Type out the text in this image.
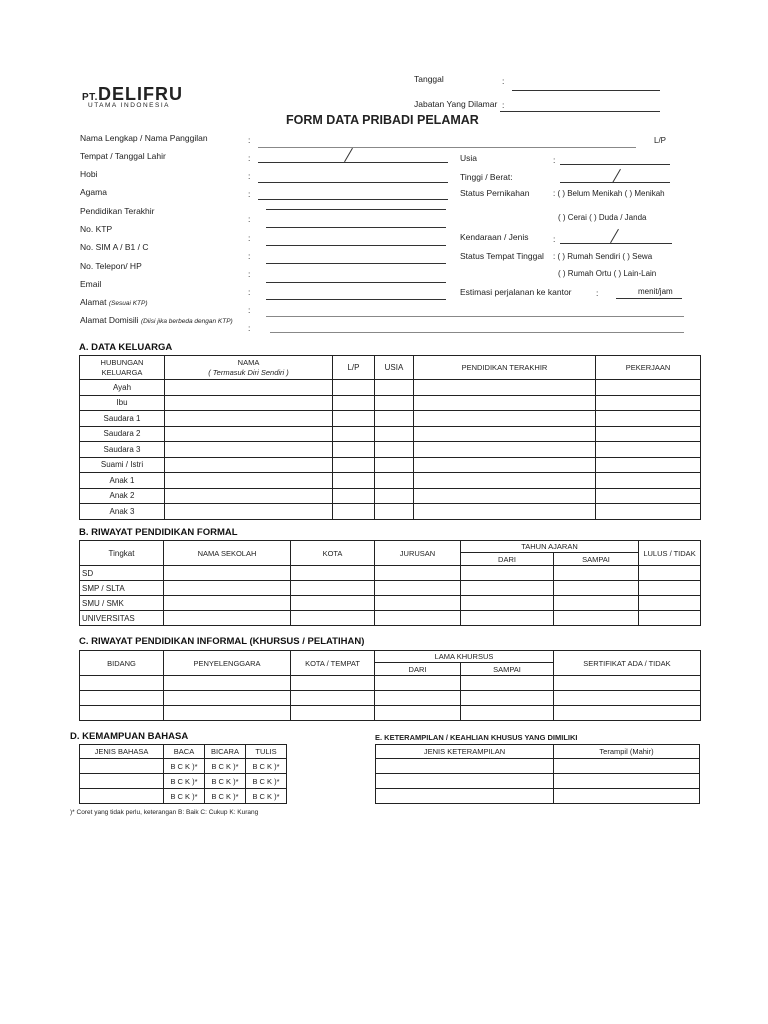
PT.DELIFRU
UTAMA INDONESIA
Tanggal	:
Jabatan Yang Dilamar :
FORM DATA PRIBADI PELAMAR
Nama Lengkap / Nama Panggilan	:	L/P
Tempat / Tanggal Lahir	:
Hobi	:
Agama	:
Pendidikan Terakhir
:
No. KTP
:
No. SIM A / B1 / C
:
No. Telepon/ HP
:
Email
:
Alamat (Sesuai KTP)
:
Alamat Domisili (Diisi jika berbeda dengan KTP)
:
Usia	:
Tinggi / Berat:
Status Pernikahan	: ( ) Belum Menikah ( ) Menikah
( ) Cerai ( ) Duda / Janda
Kendaraan / Jenis	:
Status Tempat Tinggal : ( ) Rumah Sendiri ( ) Sewa
( ) Rumah Ortu ( ) Lain-Lain
Estimasi perjalanan ke kantor	:	menit/jam
A. DATA KELUARGA
HUBUNGAN
KELUARGA	NAMA
( Termasuk Diri Sendiri )	L/P	USIA	PENDIDIKAN TERAKHIR	PEKERJAAN
Ayah					
Ibu					
Saudara 1					
Saudara 2					
Saudara 3					
Suami / Istri					
Anak 1					
Anak 2					
Anak 3					
B. RIWAYAT PENDIDIKAN FORMAL
Tingkat	NAMA SEKOLAH	KOTA	JURUSAN	TAHUN AJARAN		LULUS / TIDAK
				DARI	SAMPAI	
SD						
SMP / SLTA						
SMU / SMK						
UNIVERSITAS						
C. RIWAYAT PENDIDIKAN INFORMAL (KHURSUS / PELATIHAN)
BIDANG	PENYELENGGARA	KOTA / TEMPAT	LAMA KHURSUS		SERTIFIKAT ADA / TIDAK
			DARI	SAMPAI	

D. KEMAMPUAN BAHASA
JENIS BAHASA	BACA	BICARA	TULIS
	B C K )*	B C K )*	B C K )*
	B C K )*	B C K )*	B C K )*
	B C K )*	B C K )*	B C K )*
E. KETERAMPILAN / KEAHLIAN KHUSUS YANG DIMILIKI
JENIS KETERAMPILAN	Terampil (Mahir)

)* Coret yang tidak perlu, keterangan B: Baik C: Cukup K: Kurang
